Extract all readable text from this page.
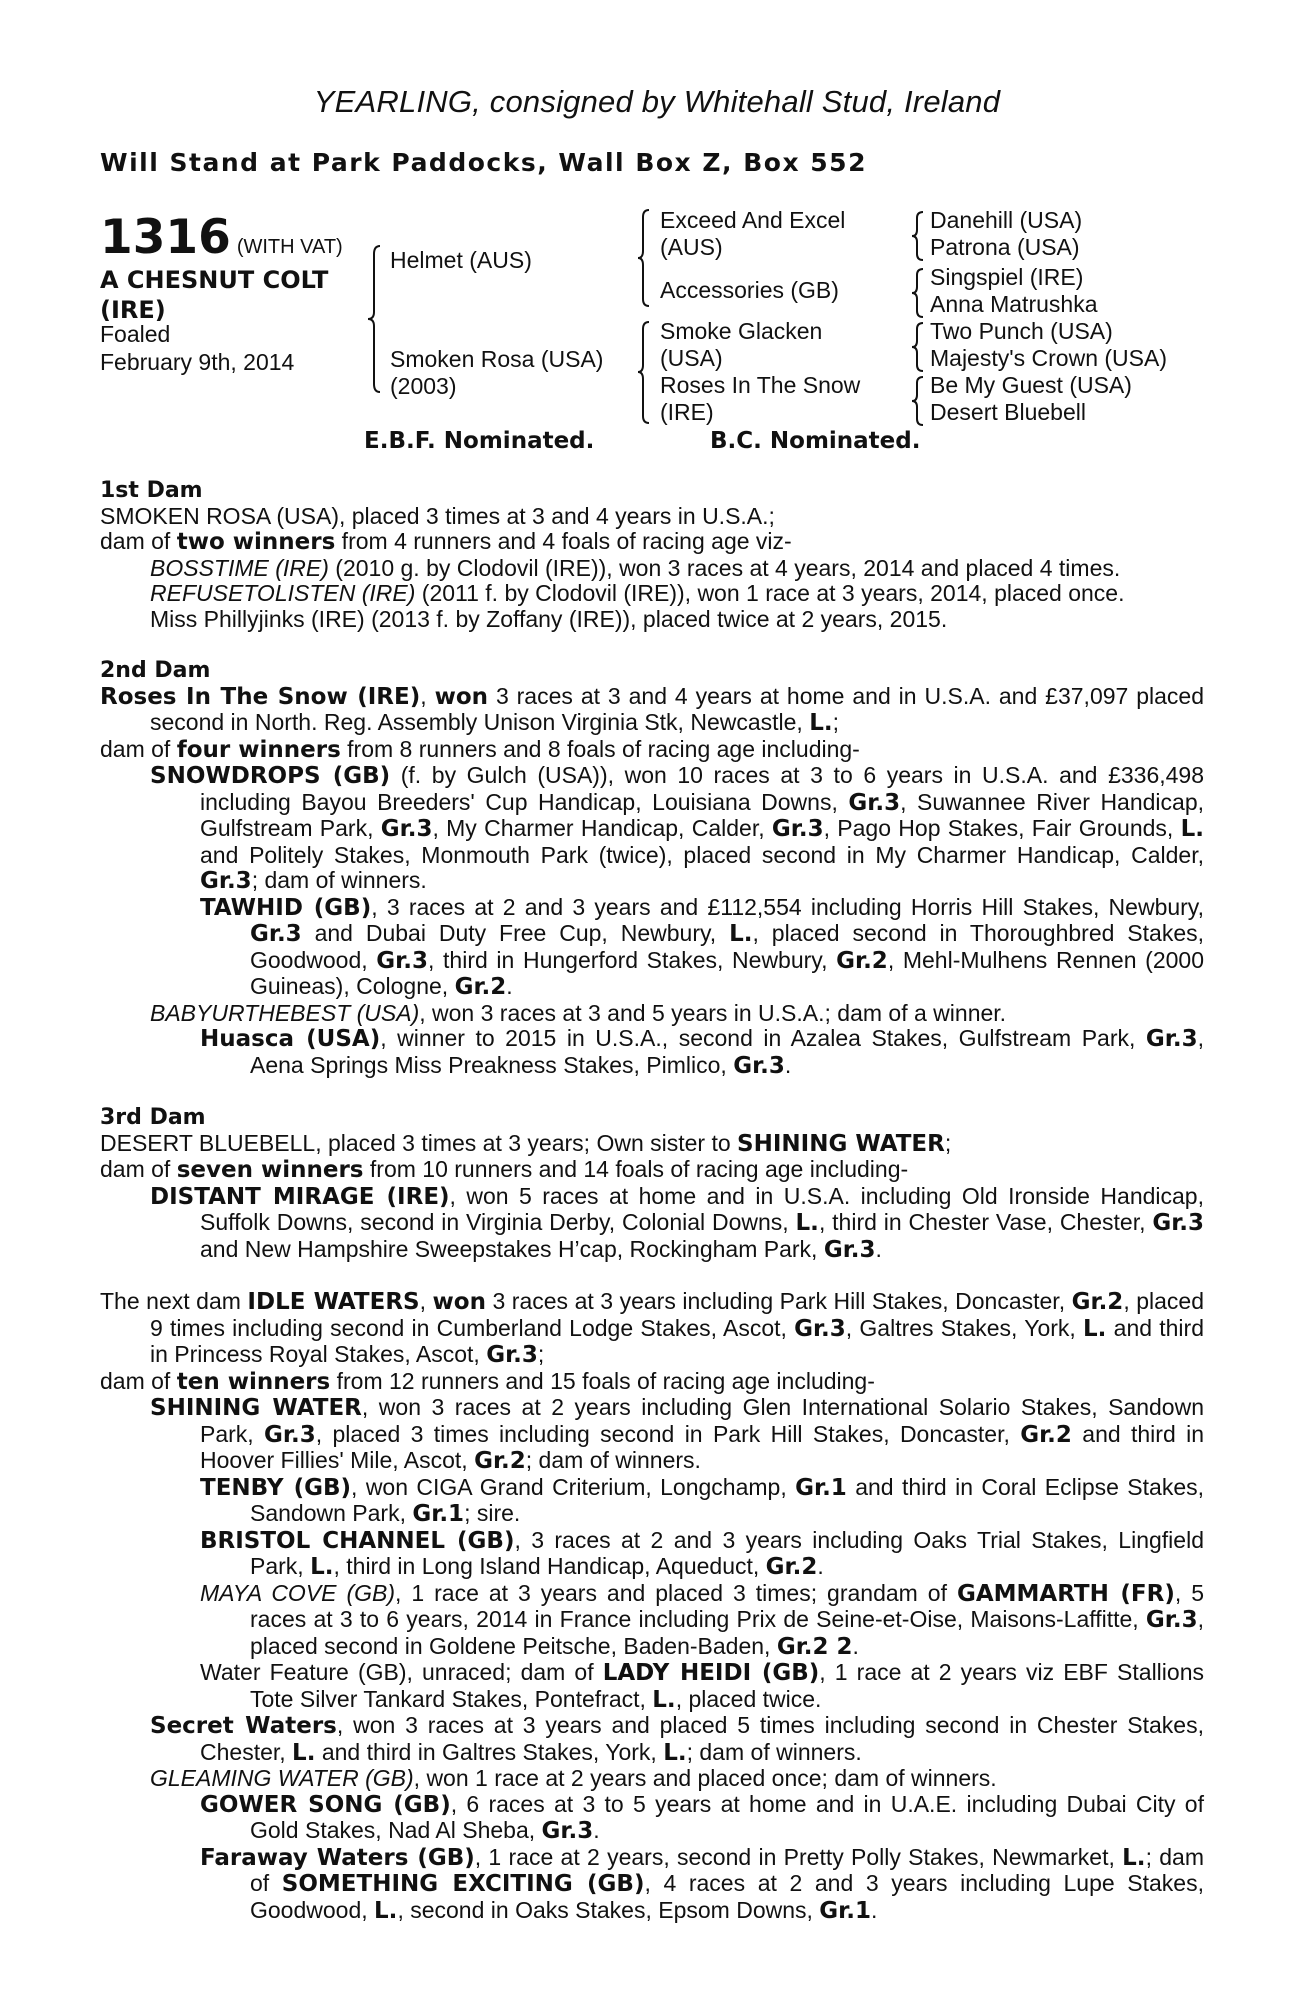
YEARLING, consigned by Whitehall Stud, Ireland
Will Stand at Park Paddocks, Wall Box Z, Box 552
1316 (WITH VAT)
A CHESNUT COLT
(IRE)
Foaled
February 9th, 2014
Helmet (AUS)
Smoken Rosa (USA)
(2003)
Exceed And Excel
(AUS)
Accessories (GB)
Smoke Glacken
(USA)
Roses In The Snow
(IRE)
Danehill (USA)
Patrona (USA)
Singspiel (IRE)
Anna Matrushka
Two Punch (USA)
Majesty's Crown (USA)
Be My Guest (USA)
Desert Bluebell
E.B.F. Nominated.	B.C. Nominated.

1st Dam

SMOKEN ROSA (USA), placed 3 times at 3 and 4 years in U.S.A.;

dam of two winners from 4 runners and 4 foals of racing age viz-

BOSSTIME (IRE) (2010 g. by Clodovil (IRE)), won 3 races at 4 years, 2014 and placed 4 times.

REFUSETOLISTEN (IRE) (2011 f. by Clodovil (IRE)), won 1 race at 3 years, 2014, placed once.

Miss Phillyjinks (IRE) (2013 f. by Zoffany (IRE)), placed twice at 2 years, 2015.

2nd Dam

Roses In The Snow (IRE), won 3 races at 3 and 4 years at home and in U.S.A. and £37,097 placed second in North. Reg. Assembly Unison Virginia Stk, Newcastle, L.;

dam of four winners from 8 runners and 8 foals of racing age including-

SNOWDROPS (GB) (f. by Gulch (USA)), won 10 races at 3 to 6 years in U.S.A. and £336,498 including Bayou Breeders' Cup Handicap, Louisiana Downs, Gr.3, Suwannee River Handicap, Gulfstream Park, Gr.3, My Charmer Handicap, Calder, Gr.3, Pago Hop Stakes, Fair Grounds, L. and Politely Stakes, Monmouth Park (twice), placed second in My Charmer Handicap, Calder, Gr.3; dam of winners.

TAWHID (GB), 3 races at 2 and 3 years and £112,554 including Horris Hill Stakes, Newbury, Gr.3 and Dubai Duty Free Cup, Newbury, L., placed second in Thoroughbred Stakes, Goodwood, Gr.3, third in Hungerford Stakes, Newbury, Gr.2, Mehl-Mulhens Rennen (2000 Guineas), Cologne, Gr.2.

BABYURTHEBEST (USA), won 3 races at 3 and 5 years in U.S.A.; dam of a winner.

Huasca (USA), winner to 2015 in U.S.A., second in Azalea Stakes, Gulfstream Park, Gr.3, Aena Springs Miss Preakness Stakes, Pimlico, Gr.3.

3rd Dam

DESERT BLUEBELL, placed 3 times at 3 years; Own sister to SHINING WATER;

dam of seven winners from 10 runners and 14 foals of racing age including-

DISTANT MIRAGE (IRE), won 5 races at home and in U.S.A. including Old Ironside Handicap, Suffolk Downs, second in Virginia Derby, Colonial Downs, L., third in Chester Vase, Chester, Gr.3 and New Hampshire Sweepstakes H’cap, Rockingham Park, Gr.3.

The next dam IDLE WATERS, won 3 races at 3 years including Park Hill Stakes, Doncaster, Gr.2, placed 9 times including second in Cumberland Lodge Stakes, Ascot, Gr.3, Galtres Stakes, York, L. and third in Princess Royal Stakes, Ascot, Gr.3;

dam of ten winners from 12 runners and 15 foals of racing age including-

SHINING WATER, won 3 races at 2 years including Glen International Solario Stakes, Sandown Park, Gr.3, placed 3 times including second in Park Hill Stakes, Doncaster, Gr.2 and third in Hoover Fillies' Mile, Ascot, Gr.2; dam of winners.

TENBY (GB), won CIGA Grand Criterium, Longchamp, Gr.1 and third in Coral Eclipse Stakes, Sandown Park, Gr.1; sire.

BRISTOL CHANNEL (GB), 3 races at 2 and 3 years including Oaks Trial Stakes, Lingfield Park, L., third in Long Island Handicap, Aqueduct, Gr.2.

MAYA COVE (GB), 1 race at 3 years and placed 3 times; grandam of GAMMARTH (FR), 5 races at 3 to 6 years, 2014 in France including Prix de Seine-et-Oise, Maisons-Laffitte, Gr.3, placed second in Goldene Peitsche, Baden-Baden, Gr.2 2.

Water Feature (GB), unraced; dam of LADY HEIDI (GB), 1 race at 2 years viz EBF Stallions Tote Silver Tankard Stakes, Pontefract, L., placed twice.

Secret Waters, won 3 races at 3 years and placed 5 times including second in Chester Stakes, Chester, L. and third in Galtres Stakes, York, L.; dam of winners.

GLEAMING WATER (GB), won 1 race at 2 years and placed once; dam of winners.

GOWER SONG (GB), 6 races at 3 to 5 years at home and in U.A.E. including Dubai City of Gold Stakes, Nad Al Sheba, Gr.3.

Faraway Waters (GB), 1 race at 2 years, second in Pretty Polly Stakes, Newmarket, L.; dam of SOMETHING EXCITING (GB), 4 races at 2 and 3 years including Lupe Stakes, Goodwood, L., second in Oaks Stakes, Epsom Downs, Gr.1.
